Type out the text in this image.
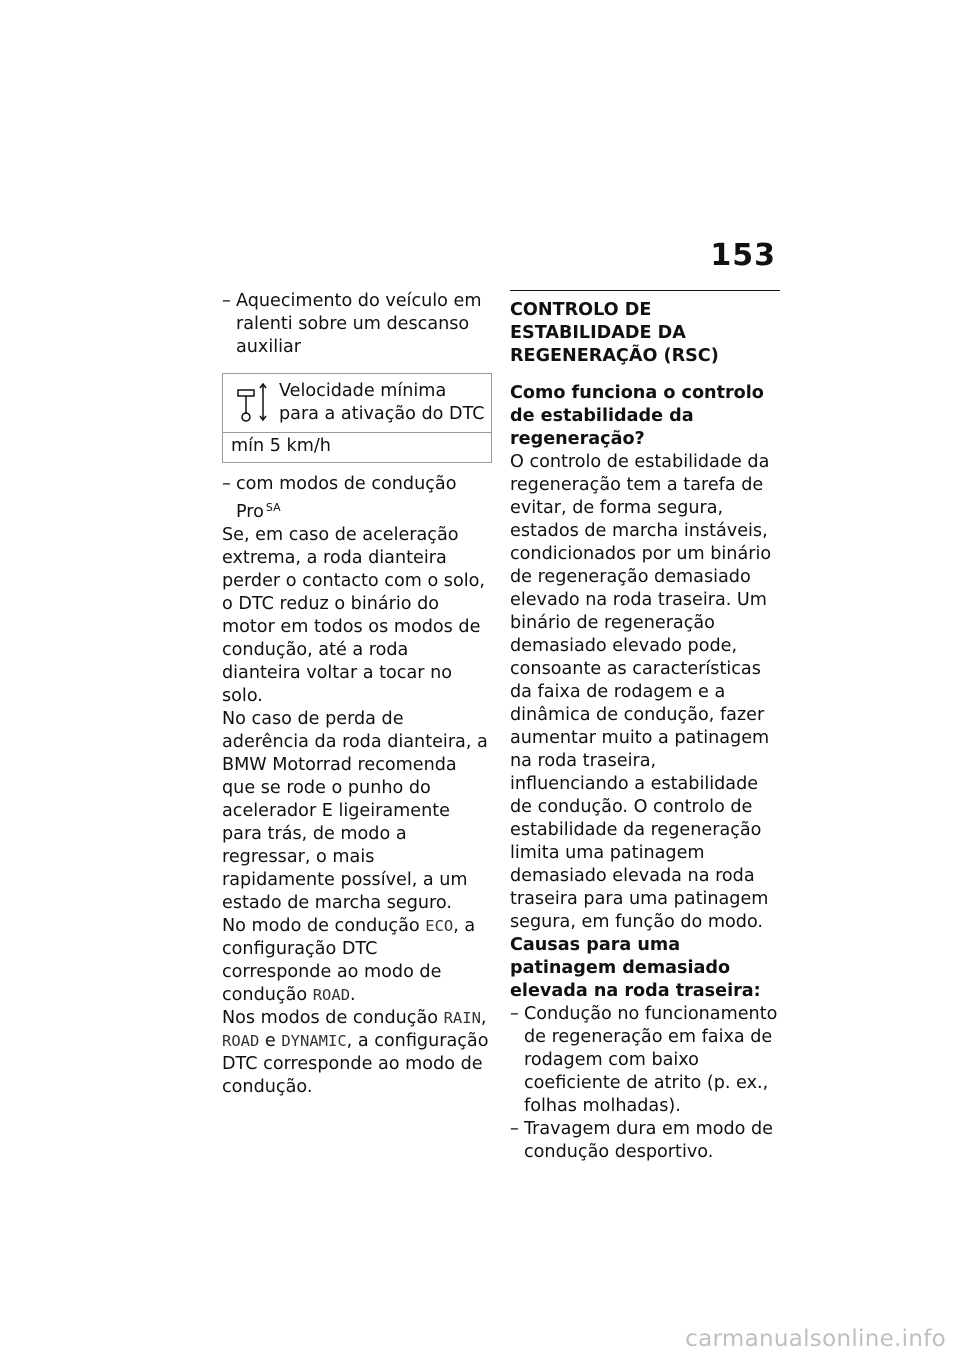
153
– Aquecimento do veículo em ralenti sobre um descanso auxiliar
Velocidade mínima para a ativação do DTC
mín 5 km/h
– com modos de condução Pro $^{SA}$

Se, em caso de aceleração extrema, a roda dianteira perder o contacto com o solo, o DTC reduz o binário do motor em todos os modos de condução, até a roda dianteira voltar a tocar no solo.

No caso de perda de aderência da roda dianteira, a BMW Motorrad recomenda que se rode o punho do acelerador E ligeiramente para trás, de modo a regressar, o mais rapidamente possível, a um estado de marcha seguro.

No modo de condução ECO, a configuração DTC corresponde ao modo de condução ROAD.

Nos modos de condução RAIN, ROAD e DYNAMIC, a configuração DTC corresponde ao modo de condução.

CONTROLO DE ESTABILIDADE DA REGENERAÇÃO (RSC)

Como funciona o controlo de estabilidade da regeneração?

O controlo de estabilidade da regeneração tem a tarefa de evitar, de forma segura, estados de marcha instáveis, condicionados por um binário de regeneração demasiado elevado na roda traseira. Um binário de regeneração demasiado elevado pode, consoante as características da faixa de rodagem e a dinâmica de condução, fazer aumentar muito a patinagem na roda traseira, influenciando a estabilidade de condução. O controlo de estabilidade da regeneração limita uma patinagem demasiado elevada na roda traseira para uma patinagem segura, em função do modo.

Causas para uma patinagem demasiado elevada na roda traseira:

– Condução no funcionamento de regeneração em faixa de rodagem com baixo coeficiente de atrito (p. ex., folhas molhadas).
– Travagem dura em modo de condução desportivo.
carmanualsonline.info
